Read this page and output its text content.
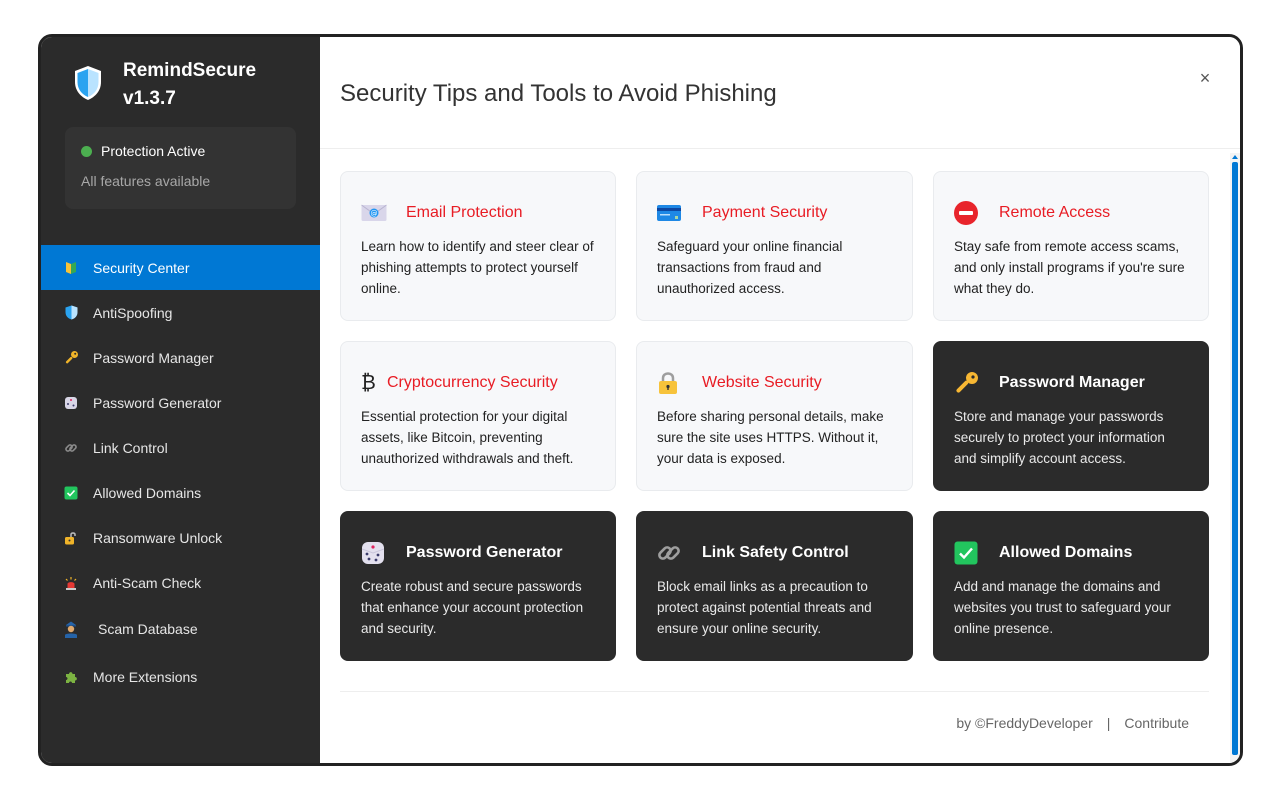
RemindSecure
v1.3.7
Protection Active
All features available
Security Center
AntiSpoofing
Password Manager
Password Generator
Link Control
Allowed Domains
Ransomware Unlock
Anti-Scam Check
Scam Database
More Extensions
Security Tips and Tools to Avoid Phishing
×
@ Email Protection
Learn how to identify and steer clear of phishing attempts to protect yourself online.
Payment Security
Safeguard your online financial transactions from fraud and unauthorized access.
Remote Access
Stay safe from remote access scams, and only install programs if you're sure what they do.
₿ Cryptocurrency Security
Essential protection for your digital assets, like Bitcoin, preventing unauthorized withdrawals and theft.
Website Security
Before sharing personal details, make sure the site uses HTTPS. Without it, your data is exposed.
Password Manager
Store and manage your passwords securely to protect your information and simplify account access.
Password Generator
Create robust and secure passwords that enhance your account protection and security.
Link Safety Control
Block email links as a precaution to protect against potential threats and ensure your online security.
Allowed Domains
Add and manage the domains and websites you trust to safeguard your online presence.
by ©FreddyDeveloper | Contribute
